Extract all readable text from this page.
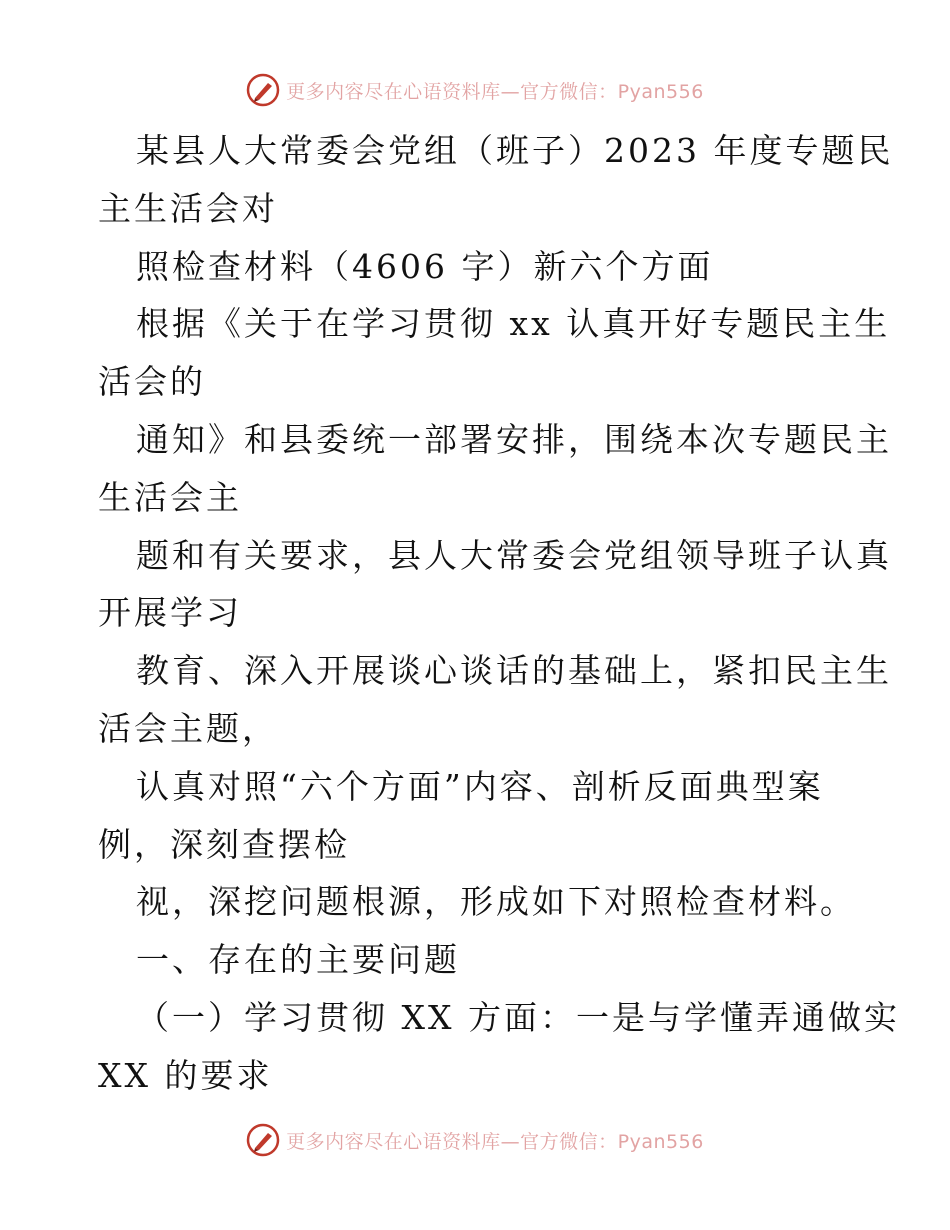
更多内容尽在心语资料库—官方微信：Pyan556
某县人大常委会党组（班子）2023 年度专题民
主生活会对
照检查材料（4606 字）新六个方面
根据《关于在学习贯彻 xx 认真开好专题民主生
活会的
通知》和县委统一部署安排，围绕本次专题民主
生活会主
题和有关要求，县人大常委会党组领导班子认真
开展学习
教育、深入开展谈心谈话的基础上，紧扣民主生
活会主题，
认真对照“六个方面”内容、剖析反面典型案
例，深刻查摆检
视，深挖问题根源，形成如下对照检查材料。
一、存在的主要问题
（一）学习贯彻 XX 方面：一是与学懂弄通做实
XX 的要求
更多内容尽在心语资料库—官方微信：Pyan556
